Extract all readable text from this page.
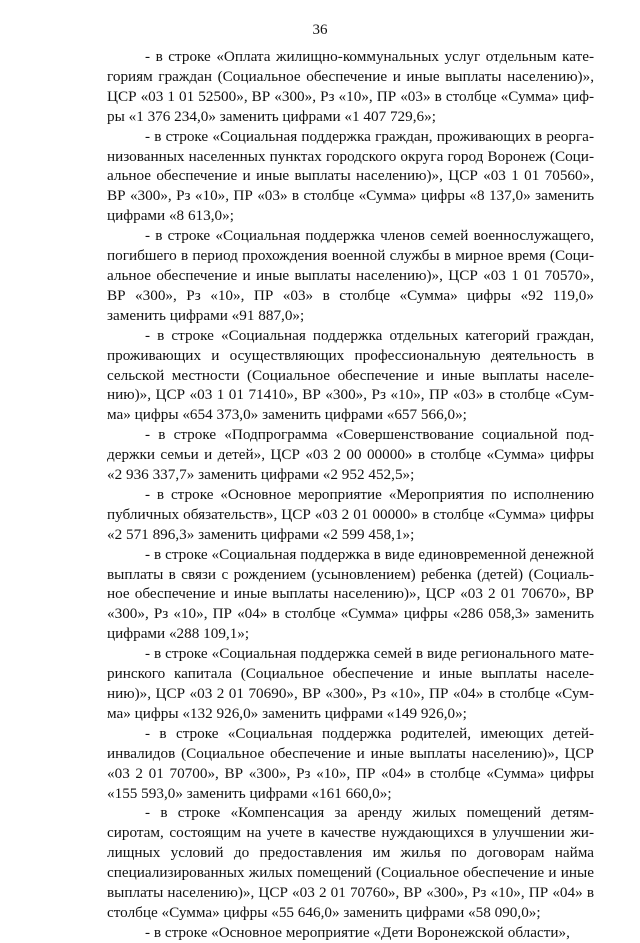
36

- в строке «Оплата жилищно-коммунальных услуг отдельным категориям граждан (Социальное обеспечение и иные выплаты населению)», ЦСР «03 1 01 52500», ВР «300», Рз «10», ПР «03» в столбце «Сумма» цифры «1 376 234,0» заменить цифрами «1 407 729,6»;

- в строке «Социальная поддержка граждан, проживающих в реорганизованных населенных пунктах городского округа город Воронеж (Социальное обеспечение и иные выплаты населению)», ЦСР «03 1 01 70560», ВР «300», Рз «10», ПР «03» в столбце «Сумма» цифры «8 137,0» заменить цифрами «8 613,0»;

- в строке «Социальная поддержка членов семей военнослужащего, погибшего в период прохождения военной службы в мирное время (Социальное обеспечение и иные выплаты населению)», ЦСР «03 1 01 70570», ВР «300», Рз «10», ПР «03» в столбце «Сумма» цифры «92 119,0» заменить цифрами «91 887,0»;

- в строке «Социальная поддержка отдельных категорий граждан, проживающих и осуществляющих профессиональную деятельность в сельской местности (Социальное обеспечение и иные выплаты населению)», ЦСР «03 1 01 71410», ВР «300», Рз «10», ПР «03» в столбце «Сумма» цифры «654 373,0» заменить цифрами «657 566,0»;

- в строке «Подпрограмма «Совершенствование социальной поддержки семьи и детей», ЦСР «03 2 00 00000» в столбце «Сумма» цифры «2 936 337,7» заменить цифрами «2 952 452,5»;

- в строке «Основное мероприятие «Мероприятия по исполнению публичных обязательств», ЦСР «03 2 01 00000» в столбце «Сумма» цифры «2 571 896,3» заменить цифрами «2 599 458,1»;

- в строке «Социальная поддержка в виде единовременной денежной выплаты в связи с рождением (усыновлением) ребенка (детей) (Социальное обеспечение и иные выплаты населению)», ЦСР «03 2 01 70670», ВР «300», Рз «10», ПР «04» в столбце «Сумма» цифры «286 058,3» заменить цифрами «288 109,1»;

- в строке «Социальная поддержка семей в виде регионального материнского капитала (Социальное обеспечение и иные выплаты населению)», ЦСР «03 2 01 70690», ВР «300», Рз «10», ПР «04» в столбце «Сумма» цифры «132 926,0» заменить цифрами «149 926,0»;

- в строке «Социальная поддержка родителей, имеющих детей-инвалидов (Социальное обеспечение и иные выплаты населению)», ЦСР «03 2 01 70700», ВР «300», Рз «10», ПР «04» в столбце «Сумма» цифры «155 593,0» заменить цифрами «161 660,0»;

- в строке «Компенсация за аренду жилых помещений детям-сиротам, состоящим на учете в качестве нуждающихся в улучшении жилищных условий до предоставления им жилья по договорам найма специализированных жилых помещений (Социальное обеспечение и иные выплаты населению)», ЦСР «03 2 01 70760», ВР «300», Рз «10», ПР «04» в столбце «Сумма» цифры «55 646,0» заменить цифрами «58 090,0»;

- в строке «Основное мероприятие «Дети Воронежской области»,
